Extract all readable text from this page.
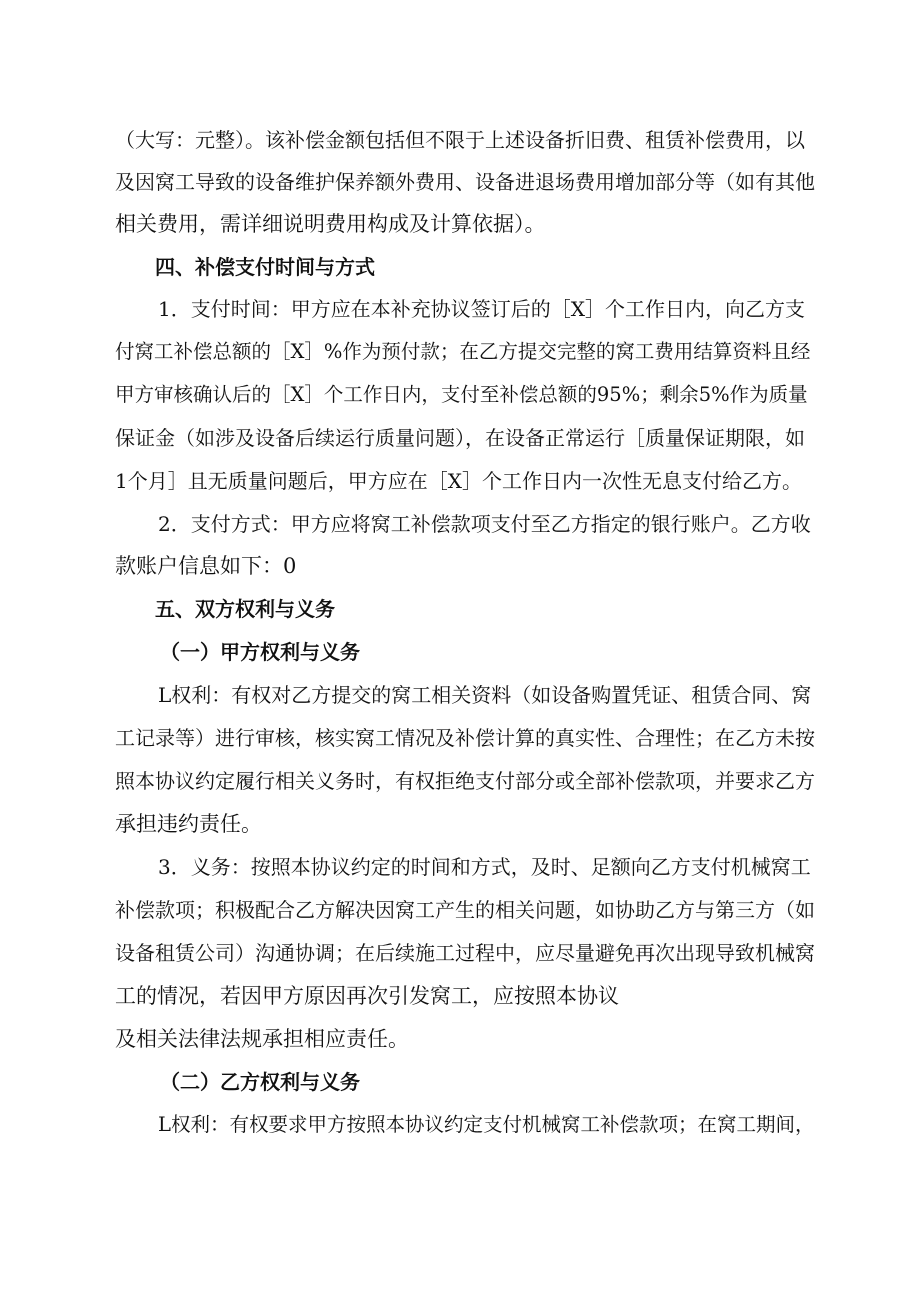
（大写：元整）。该补偿金额包括但不限于上述设备折旧费、租赁补偿费用，以
及因窝工导致的设备维护保养额外费用、设备进退场费用增加部分等（如有其他
相关费用，需详细说明费用构成及计算依据）。
四、补偿支付时间与方式
1．支付时间：甲方应在本补充协议签订后的［X］个工作日内，向乙方支
付窝工补偿总额的［X］%作为预付款；在乙方提交完整的窝工费用结算资料且经
甲方审核确认后的［X］个工作日内，支付至补偿总额的95%；剩余5%作为质量
保证金（如涉及设备后续运行质量问题），在设备正常运行［质量保证期限，如
1个月］且无质量问题后，甲方应在［X］个工作日内一次性无息支付给乙方。
2．支付方式：甲方应将窝工补偿款项支付至乙方指定的银行账户。乙方收
款账户信息如下：0
五、双方权利与义务
（一）甲方权利与义务
L权利：有权对乙方提交的窝工相关资料（如设备购置凭证、租赁合同、窝
工记录等）进行审核，核实窝工情况及补偿计算的真实性、合理性；在乙方未按
照本协议约定履行相关义务时，有权拒绝支付部分或全部补偿款项，并要求乙方
承担违约责任。
3．义务：按照本协议约定的时间和方式，及时、足额向乙方支付机械窝工
补偿款项；积极配合乙方解决因窝工产生的相关问题，如协助乙方与第三方（如
设备租赁公司）沟通协调；在后续施工过程中，应尽量避免再次出现导致机械窝
工的情况，若因甲方原因再次引发窝工，应按照本协议
及相关法律法规承担相应责任。
（二）乙方权利与义务
L权利：有权要求甲方按照本协议约定支付机械窝工补偿款项；在窝工期间，
